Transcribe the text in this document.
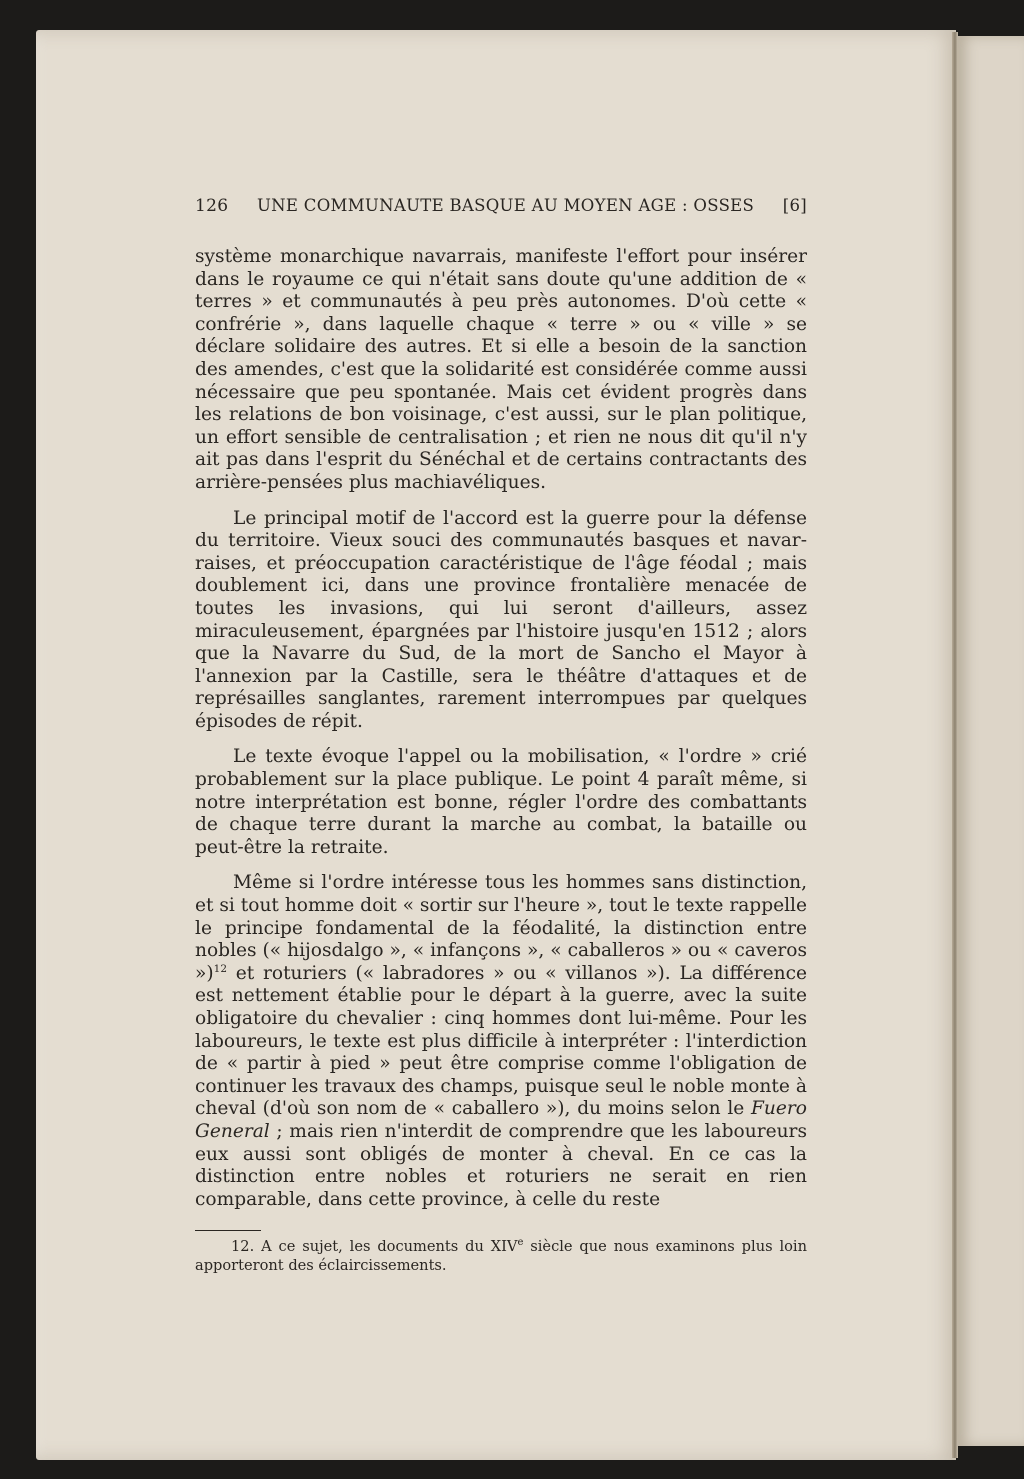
126 UNE COMMUNAUTE BASQUE AU MOYEN AGE : OSSES [6]

système monarchique navarrais, manifeste l'effort pour insérer dans le royaume ce qui n'était sans doute qu'une addition de « terres » et communautés à peu près autonomes. D'où cette « confrérie », dans laquelle chaque « terre » ou « ville » se déclare solidaire des autres. Et si elle a besoin de la sanction des amendes, c'est que la solidarité est considérée comme aussi nécessaire que peu spontanée. Mais cet évident progrès dans les relations de bon voisinage, c'est aussi, sur le plan politique, un effort sensible de centralisation ; et rien ne nous dit qu'il n'y ait pas dans l'esprit du Sénéchal et de certains contractants des arrière-pensées plus machiavéliques.

Le principal motif de l'accord est la guerre pour la défense du territoire. Vieux souci des communautés basques et navarraises, et préoccupation caractéristique de l'âge féodal ; mais doublement ici, dans une province frontalière menacée de toutes les invasions, qui lui seront d'ailleurs, assez miraculeusement, épargnées par l'histoire jusqu'en 1512 ; alors que la Navarre du Sud, de la mort de Sancho el Mayor à l'annexion par la Castille, sera le théâtre d'attaques et de représailles sanglantes, rarement interrompues par quelques épisodes de répit.

Le texte évoque l'appel ou la mobilisation, « l'ordre » crié probablement sur la place publique. Le point 4 paraît même, si notre interprétation est bonne, régler l'ordre des combattants de chaque terre durant la marche au combat, la bataille ou peut-être la retraite.

Même si l'ordre intéresse tous les hommes sans distinction, et si tout homme doit « sortir sur l'heure », tout le texte rappelle le principe fondamental de la féodalité, la distinction entre nobles (« hijosdalgo », « infançons », « caballeros » ou « caveros »)$^{12}$ et roturiers (« labradores » ou « villanos »). La différence est nettement établie pour le départ à la guerre, avec la suite obligatoire du chevalier : cinq hommes dont lui-même. Pour les laboureurs, le texte est plus difficile à interpréter : l'interdiction de « partir à pied » peut être comprise comme l'obligation de continuer les travaux des champs, puisque seul le noble monte à cheval (d'où son nom de « caballero »), du moins selon le Fuero General ; mais rien n'interdit de comprendre que les laboureurs eux aussi sont obligés de monter à cheval. En ce cas la distinction entre nobles et roturiers ne serait en rien comparable, dans cette province, à celle du reste

12. A ce sujet, les documents du XIVe siècle que nous examinons plus loin apporteront des éclaircissements.
